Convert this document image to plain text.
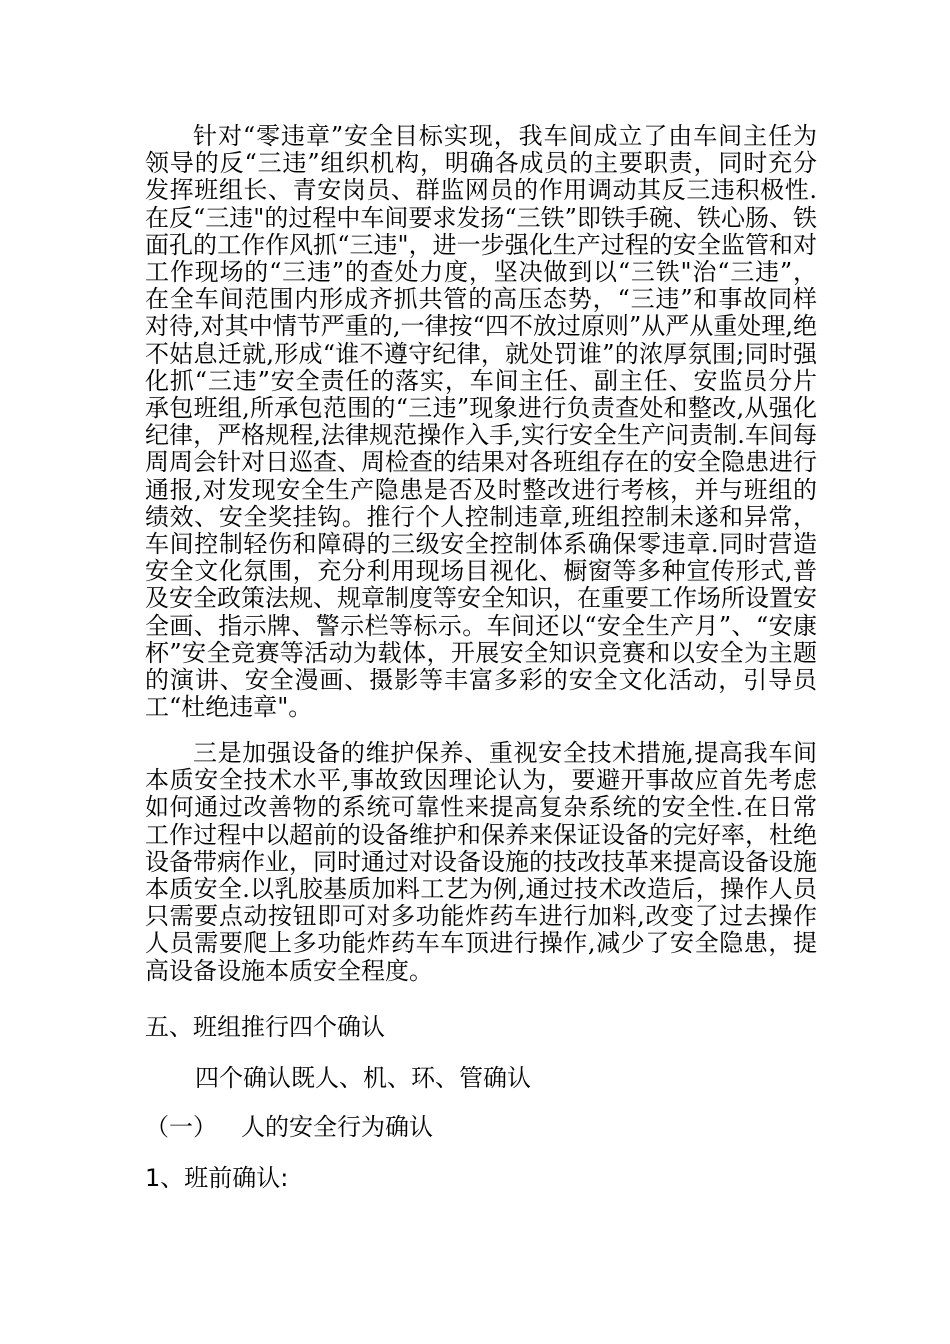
针对“零违章”安全目标实现，我车间成立了由车间主任为领导的反“三违”组织机构，明确各成员的主要职责，同时充分发挥班组长、青安岗员、群监网员的作用调动其反三违积极性.在反“三违"的过程中车间要求发扬“三铁”即铁手碗、铁心肠、铁面孔的工作作风抓“三违"，进一步强化生产过程的安全监管和对工作现场的“三违”的查处力度，坚决做到以“三铁"治“三违”，在全车间范围内形成齐抓共管的高压态势，“三违”和事故同样对待,对其中情节严重的,一律按“四不放过原则”从严从重处理,绝不姑息迁就,形成“谁不遵守纪律，就处罚谁”的浓厚氛围;同时强化抓“三违”安全责任的落实，车间主任、副主任、安监员分片承包班组,所承包范围的“三违”现象进行负责查处和整改,从强化纪律，严格规程,法律规范操作入手,实行安全生产问责制.车间每周周会针对日巡查、周检查的结果对各班组存在的安全隐患进行通报,对发现安全生产隐患是否及时整改进行考核，并与班组的绩效、安全奖挂钩。推行个人控制违章,班组控制未遂和异常，车间控制轻伤和障碍的三级安全控制体系确保零违章.同时营造安全文化氛围，充分利用现场目视化、橱窗等多种宣传形式,普及安全政策法规、规章制度等安全知识，在重要工作场所设置安全画、指示牌、警示栏等标示。车间还以“安全生产月”、“安康杯”安全竞赛等活动为载体，开展安全知识竞赛和以安全为主题的演讲、安全漫画、摄影等丰富多彩的安全文化活动，引导员工“杜绝违章"。

三是加强设备的维护保养、重视安全技术措施,提高我车间本质安全技术水平,事故致因理论认为，要避开事故应首先考虑如何通过改善物的系统可靠性来提高复杂系统的安全性.在日常工作过程中以超前的设备维护和保养来保证设备的完好率，杜绝设备带病作业，同时通过对设备设施的技改技革来提高设备设施本质安全.以乳胶基质加料工艺为例,通过技术改造后，操作人员只需要点动按钮即可对多功能炸药车进行加料,改变了过去操作人员需要爬上多功能炸药车车顶进行操作,减少了安全隐患，提高设备设施本质安全程度。

五、班组推行四个确认
四个确认既人、机、环、管确认
（一） 人的安全行为确认
1、班前确认:
